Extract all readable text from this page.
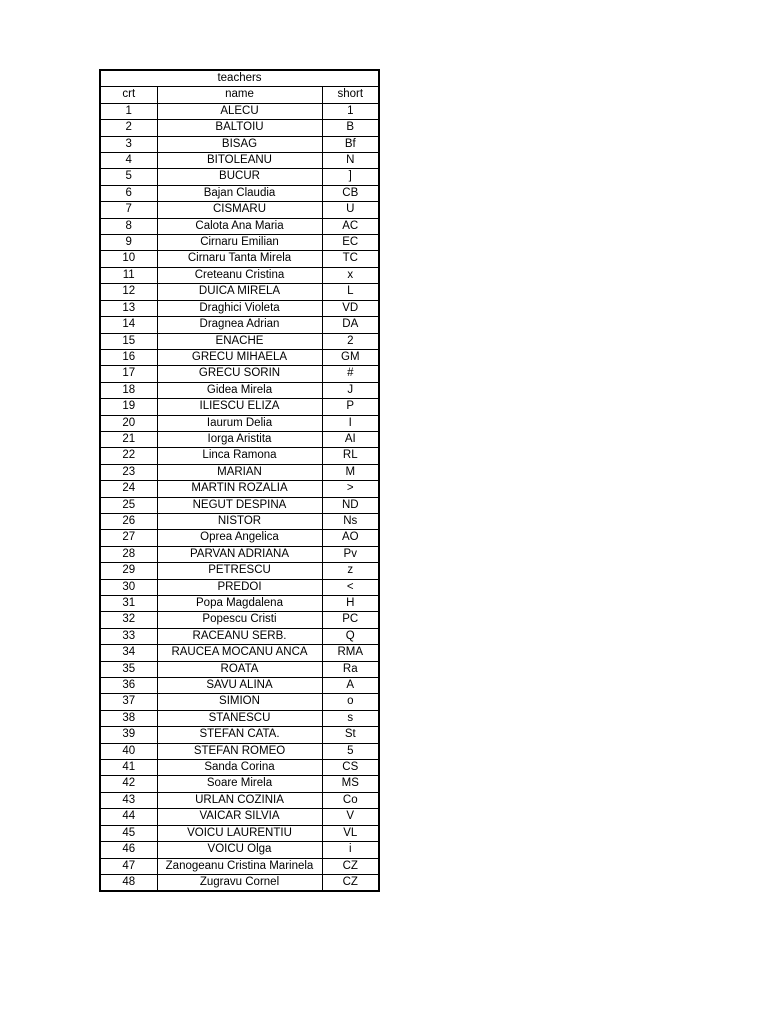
teachers		
crt	name	short
1	ALECU	1
2	BALTOIU	B
3	BISAG	Bf
4	BITOLEANU	N
5	BUCUR	]
6	Bajan Claudia	CB
7	CISMARU	U
8	Calota Ana Maria	AC
9	Cirnaru Emilian	EC
10	Cirnaru Tanta Mirela	TC
11	Creteanu Cristina	x
12	DUICA MIRELA	L
13	Draghici Violeta	VD
14	Dragnea Adrian	DA
15	ENACHE	2
16	GRECU MIHAELA	GM
17	GRECU SORIN	#
18	Gidea Mirela	J
19	ILIESCU ELIZA	P
20	Iaurum Delia	I
21	Iorga Aristita	AI
22	Linca Ramona	RL
23	MARIAN	M
24	MARTIN ROZALIA	>
25	NEGUT DESPINA	ND
26	NISTOR	Ns
27	Oprea Angelica	AO
28	PARVAN ADRIANA	Pv
29	PETRESCU	z
30	PREDOI	<
31	Popa Magdalena	H
32	Popescu Cristi	PC
33	RACEANU SERB.	Q
34	RAUCEA MOCANU ANCA	RMA
35	ROATA	Ra
36	SAVU ALINA	A
37	SIMION	o
38	STANESCU	s
39	STEFAN CATA.	St
40	STEFAN ROMEO	5
41	Sanda Corina	CS
42	Soare Mirela	MS
43	URLAN COZINIA	Co
44	VAICAR SILVIA	V
45	VOICU LAURENTIU	VL
46	VOICU Olga	i
47	Zanogeanu Cristina Marinela	CZ
48	Zugravu Cornel	CZ
